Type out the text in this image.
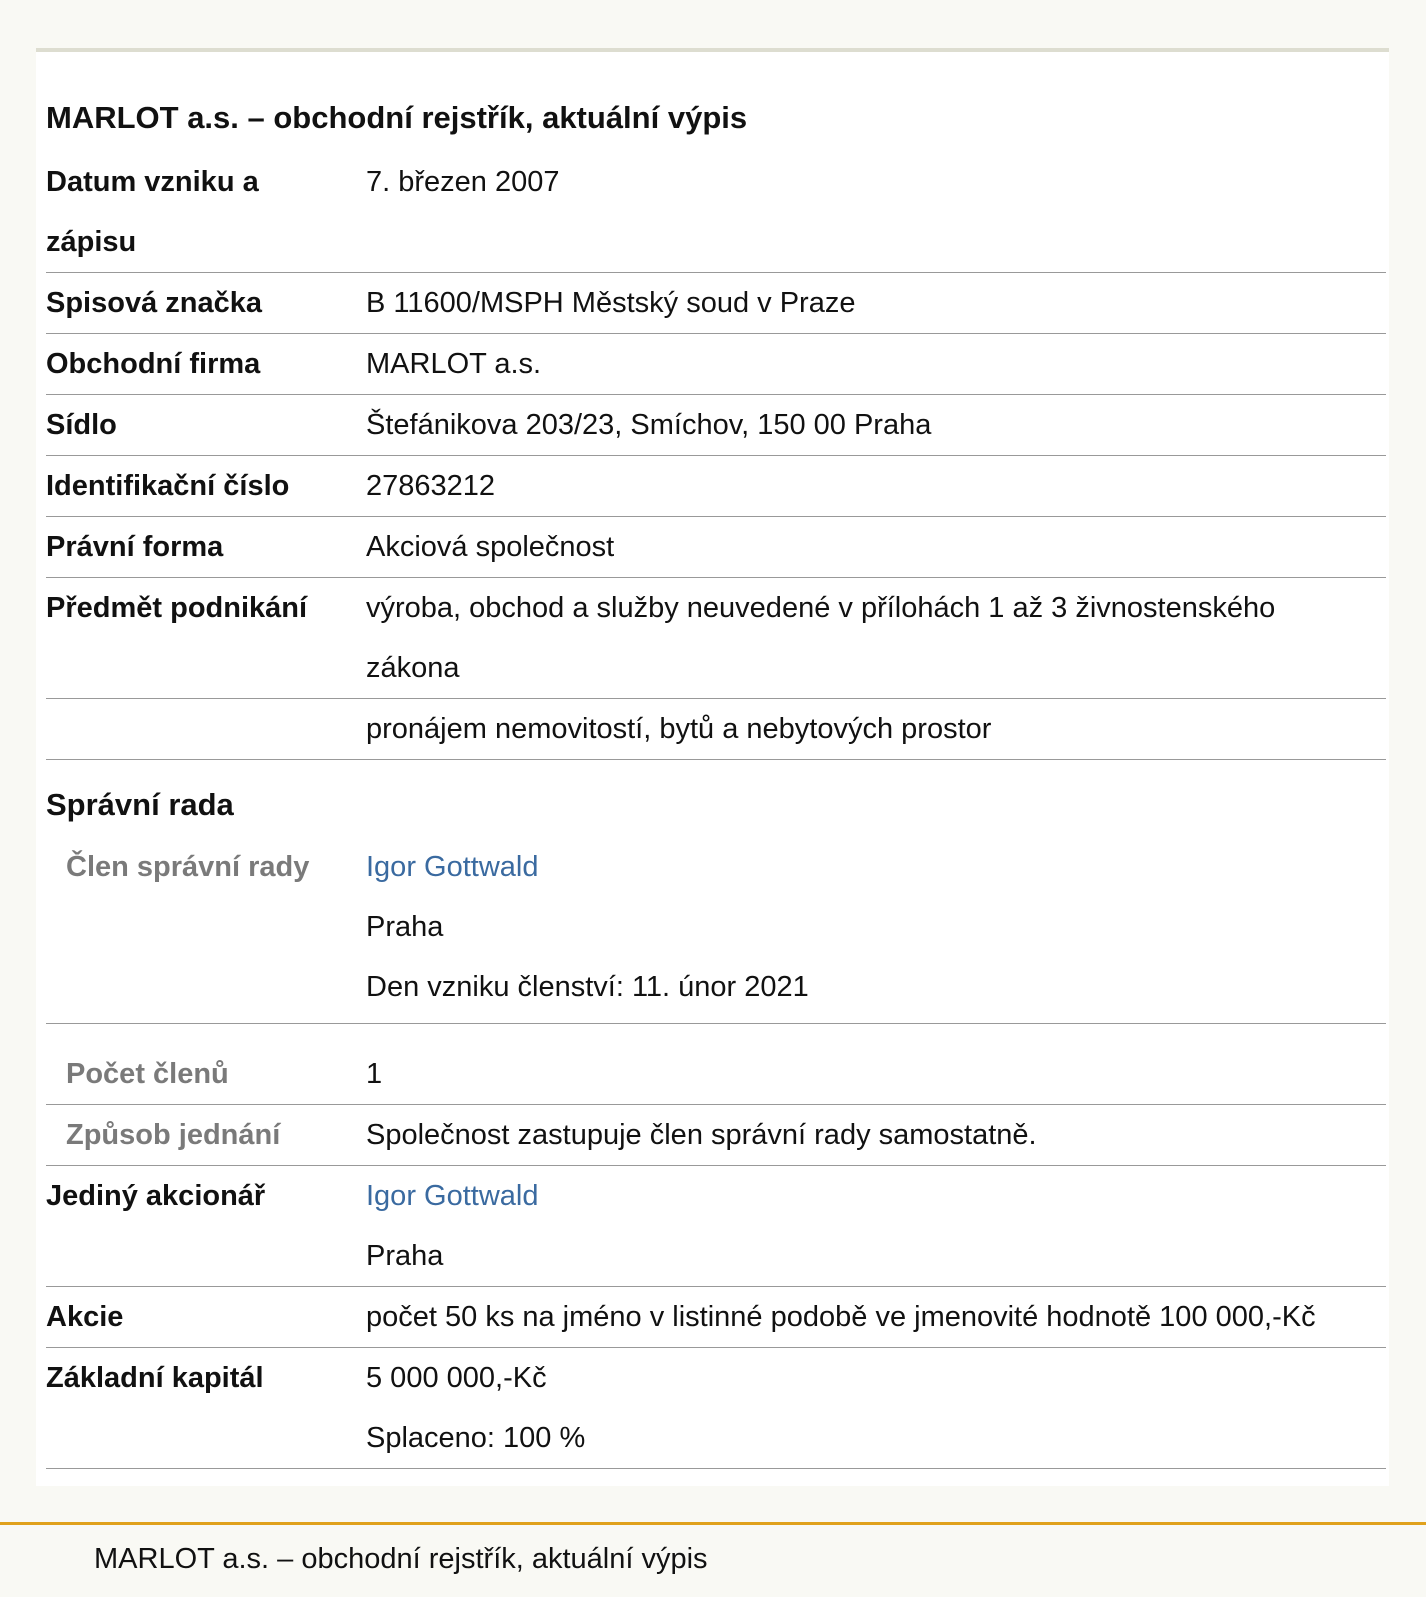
MARLOT a.s. – obchodní rejstřík, aktuální výpis
Datum vzniku a zápisu	7. březen 2007
Spisová značka	B 11600/MSPH Městský soud v Praze
Obchodní firma	MARLOT a.s.
Sídlo	Štefánikova 203/23, Smíchov, 150 00 Praha
Identifikační číslo	27863212
Právní forma	Akciová společnost
Předmět podnikání	výroba, obchod a služby neuvedené v přílohách 1 až 3 živnostenského zákona
	pronájem nemovitostí, bytů a nebytových prostor
Správní rada	
Člen správní rady	Igor Gottwald
Praha
Den vzniku členství: 11. únor 2021

Počet členů	1
Způsob jednání	Společnost zastupuje člen správní rady samostatně.
Jediný akcionář	Igor Gottwald
Praha

Akcie	počet 50 ks na jméno v listinné podobě ve jmenovité hodnotě 100 000,-Kč
Základní kapitál	5 000 000,-Kč
Splaceno: 100 %
MARLOT a.s. – obchodní rejstřík, aktuální výpis
